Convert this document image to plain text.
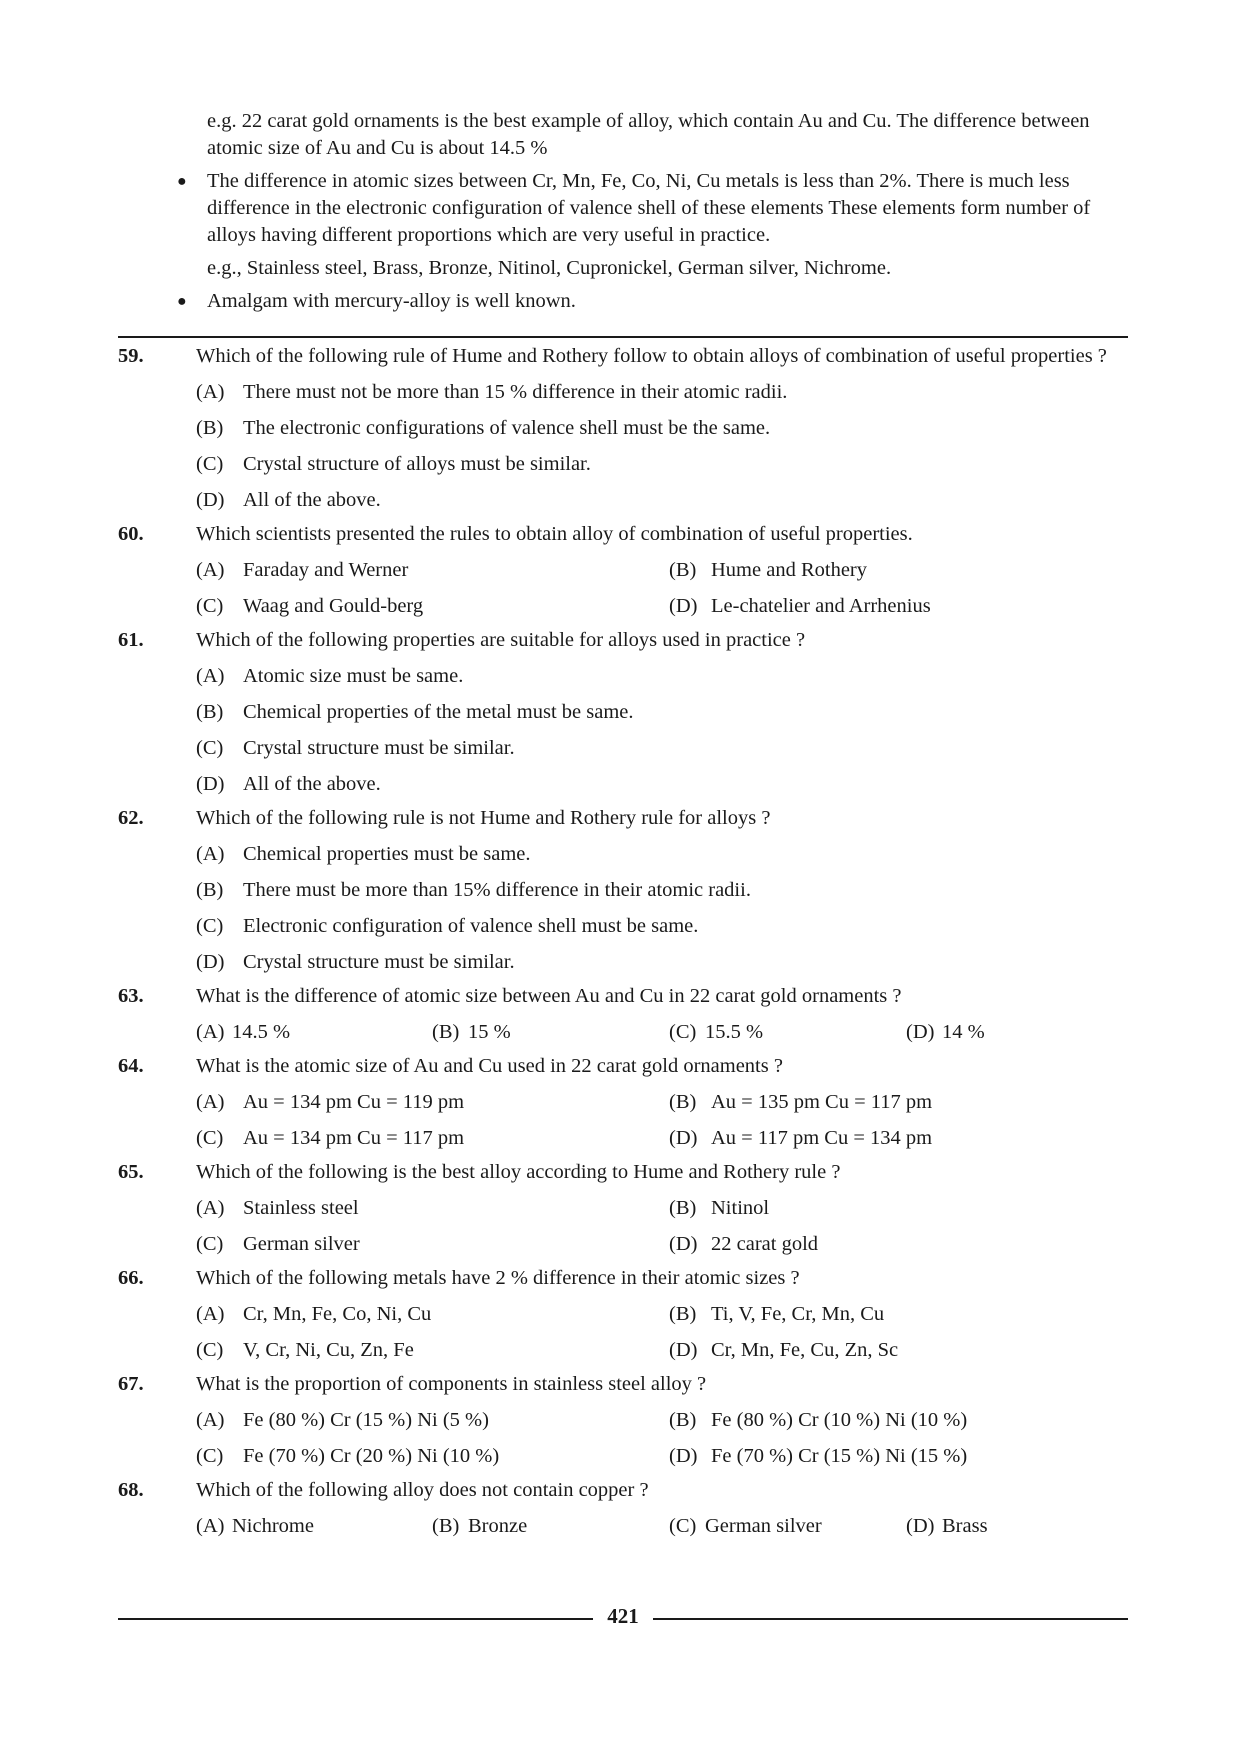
e.g. 22 carat gold ornaments is the best example of alloy, which contain Au and Cu. The difference between atomic size of Au and Cu is about 14.5 %

● The difference in atomic sizes between Cr, Mn, Fe, Co, Ni, Cu metals is less than 2%. There is much less difference in the electronic configuration of valence shell of these elements These elements form number of alloys having different proportions which are very useful in practice.

e.g., Stainless steel, Brass, Bronze, Nitinol, Cupronickel, German silver, Nichrome.

● Amalgam with mercury-alloy is well known.

59.	Which of the following rule of Hume and Rothery follow to obtain alloys of combination of useful properties ?

(A) There must not be more than 15 % difference in their atomic radii.
(B) The electronic configurations of valence shell must be the same.
(C) Crystal structure of alloys must be similar.
(D) All of the above.
60.	Which scientists presented the rules to obtain alloy of combination of useful properties.

(A) Faraday and Werner	(B) Hume and Rothery
(C) Waag and Gould-berg	(D) Le-chatelier and Arrhenius
61.	Which of the following properties are suitable for alloys used in practice ?

(A) Atomic size must be same.
(B) Chemical properties of the metal must be same.
(C) Crystal structure must be similar.
(D) All of the above.
62.	Which of the following rule is not Hume and Rothery rule for alloys ?

(A) Chemical properties must be same.
(B) There must be more than 15% difference in their atomic radii.
(C) Electronic configuration of valence shell must be same.
(D) Crystal structure must be similar.
63.	What is the difference of atomic size between Au and Cu in 22 carat gold ornaments ?

(A) 14.5 %	(B) 15 %	(C) 15.5 %	(D) 14 %
64.	What is the atomic size of Au and Cu used in 22 carat gold ornaments ?

(A) Au = 134 pm Cu = 119 pm	(B) Au = 135 pm Cu = 117 pm
(C) Au = 134 pm Cu = 117 pm	(D) Au = 117 pm Cu = 134 pm
65.	Which of the following is the best alloy according to Hume and Rothery rule ?

(A) Stainless steel	(B) Nitinol
(C) German silver	(D) 22 carat gold
66.	Which of the following metals have 2 % difference in their atomic sizes ?

(A) Cr, Mn, Fe, Co, Ni, Cu	(B) Ti, V, Fe, Cr, Mn, Cu
(C) V, Cr, Ni, Cu, Zn, Fe	(D) Cr, Mn, Fe, Cu, Zn, Sc
67.	What is the proportion of components in stainless steel alloy ?

(A) Fe (80 %) Cr (15 %) Ni (5 %)	(B) Fe (80 %) Cr (10 %) Ni (10 %)
(C) Fe (70 %) Cr (20 %) Ni (10 %)	(D) Fe (70 %) Cr (15 %) Ni (15 %)
68.	Which of the following alloy does not contain copper ?

(A) Nichrome	(B) Bronze	(C) German silver	(D) Brass
421
